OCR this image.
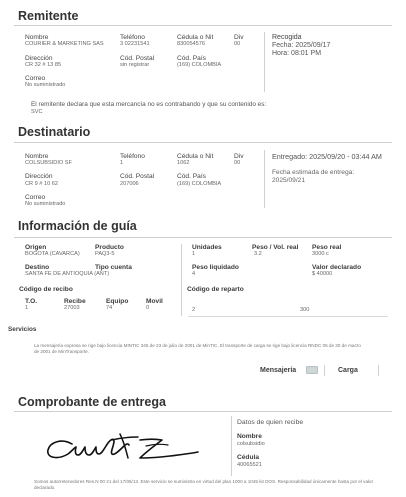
Remitente
Nombre
COURIER & MARKETING SAS
Teléfono
3 02231541
Cédula o Nit
830054576
Div
00
Dirección
CR 32 # 13 85
Cód. Postal
sin registrar
Cód. País
(169) COLOMBIA
Correo
No suministrado
Recogida
Fecha: 2025/09/17
Hora: 08:01 PM
El remitente declara que esta mercancía no es contrabando y que su contenido es:
SVC
Destinatario
Nombre
COLSUBSIDIO SF
Teléfono
1
Cédula o Nit
1062
Div
00
Dirección
CR 9 # 10 62
Cód. Postal
207006
Cód. País
(169) COLOMBIA
Correo
No suministrado
Entregado: 2025/09/20 - 03:44 AM
Fecha estimada de entrega:
2025/09/21
Información de guía
Origen
BOGOTA (CAVARCA)
Producto
PAQ3-5
Destino
SANTA FE DE ANTIOQUIA (ANT)
Tipo cuenta
Código de recibo
T.O.
1
Recibe
27003
Equipo
74
Movil
0
Unidades
1
Peso / Vol. real
3.2
Peso real
3000 c
Peso liquidado
4
Valor declarado
$ 40000
Código de reparto
2	300
Servicios
La mensajería expresa se rige bajo licencia MINTIC 345 de 23 de julio de 2001 de MinTIC. El transporte de carga se rige bajo licencia RNDC 05 de 30 de marzo de 2001 de MinTransporte.
Mensajería	Carga
Comprobante de entrega
Datos de quien recibe
Nombre
colsubsidio
Cédula
40065521
Somos autorretenedores Res.N 00 21 del 17/06/13. Este servicio se suministra en virtud del plan 1000 a 1045 kit DOS. Responsabilidad únicamente hasta por el valor declarado.
